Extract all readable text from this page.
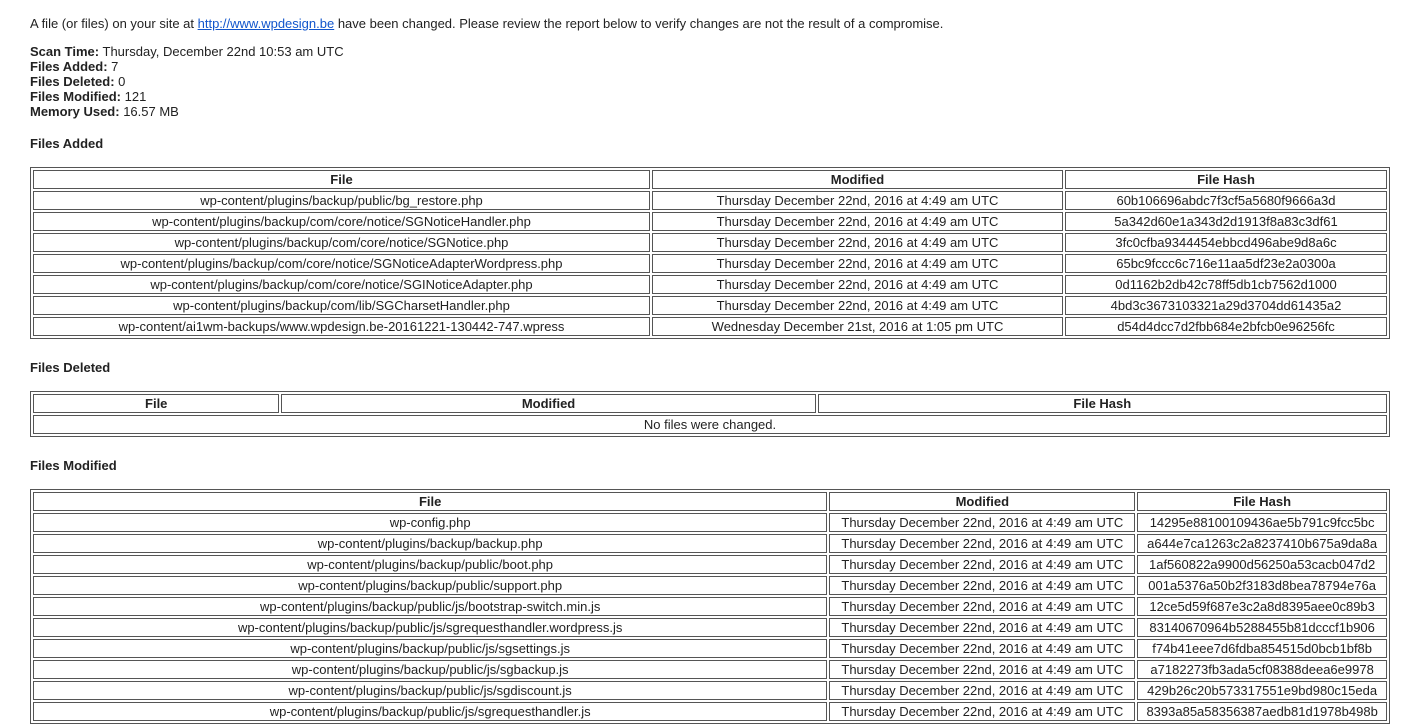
A file (or files) on your site at http://www.wpdesign.be have been changed. Please review the report below to verify changes are not the result of a compromise.

Scan Time: Thursday, December 22nd 10:53 am UTC
Files Added: 7
Files Deleted: 0
Files Modified: 121
Memory Used: 16.57 MB
Files Added
File	Modified	File Hash
wp-content/plugins/backup/public/bg_restore.php	Thursday December 22nd, 2016 at 4:49 am UTC	60b106696abdc7f3cf5a5680f9666a3d
wp-content/plugins/backup/com/core/notice/SGNoticeHandler.php	Thursday December 22nd, 2016 at 4:49 am UTC	5a342d60e1a343d2d1913f8a83c3df61
wp-content/plugins/backup/com/core/notice/SGNotice.php	Thursday December 22nd, 2016 at 4:49 am UTC	3fc0cfba9344454ebbcd496abe9d8a6c
wp-content/plugins/backup/com/core/notice/SGNoticeAdapterWordpress.php	Thursday December 22nd, 2016 at 4:49 am UTC	65bc9fccc6c716e11aa5df23e2a0300a
wp-content/plugins/backup/com/core/notice/SGINoticeAdapter.php	Thursday December 22nd, 2016 at 4:49 am UTC	0d1162b2db42c78ff5db1cb7562d1000
wp-content/plugins/backup/com/lib/SGCharsetHandler.php	Thursday December 22nd, 2016 at 4:49 am UTC	4bd3c3673103321a29d3704dd61435a2
wp-content/ai1wm-backups/www.wpdesign.be-20161221-130442-747.wpress	Wednesday December 21st, 2016 at 1:05 pm UTC	d54d4dcc7d2fbb684e2bfcb0e96256fc
Files Deleted
File	Modified	File Hash
No files were changed.
Files Modified
File	Modified	File Hash
wp-config.php	Thursday December 22nd, 2016 at 4:49 am UTC	14295e88100109436ae5b791c9fcc5bc
wp-content/plugins/backup/backup.php	Thursday December 22nd, 2016 at 4:49 am UTC	a644e7ca1263c2a8237410b675a9da8a
wp-content/plugins/backup/public/boot.php	Thursday December 22nd, 2016 at 4:49 am UTC	1af560822a9900d56250a53cacb047d2
wp-content/plugins/backup/public/support.php	Thursday December 22nd, 2016 at 4:49 am UTC	001a5376a50b2f3183d8bea78794e76a
wp-content/plugins/backup/public/js/bootstrap-switch.min.js	Thursday December 22nd, 2016 at 4:49 am UTC	12ce5d59f687e3c2a8d8395aee0c89b3
wp-content/plugins/backup/public/js/sgrequesthandler.wordpress.js	Thursday December 22nd, 2016 at 4:49 am UTC	83140670964b5288455b81dcccf1b906
wp-content/plugins/backup/public/js/sgsettings.js	Thursday December 22nd, 2016 at 4:49 am UTC	f74b41eee7d6fdba854515d0bcb1bf8b
wp-content/plugins/backup/public/js/sgbackup.js	Thursday December 22nd, 2016 at 4:49 am UTC	a7182273fb3ada5cf08388deea6e9978
wp-content/plugins/backup/public/js/sgdiscount.js	Thursday December 22nd, 2016 at 4:49 am UTC	429b26c20b573317551e9bd980c15eda
wp-content/plugins/backup/public/js/sgrequesthandler.js	Thursday December 22nd, 2016 at 4:49 am UTC	8393a85a58356387aedb81d1978b498b
